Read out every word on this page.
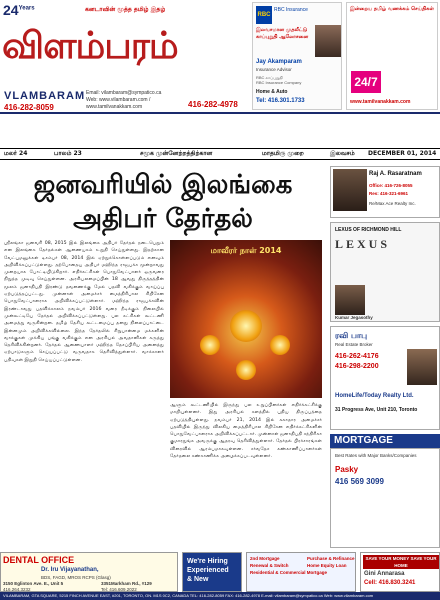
$24^{Years}$	கனடாவின் மூத்த தமிழ் இதழ்
விளம்பரம்
VLAMBARAM
416-282-8059
Email: vilambaram@sympatico.ca
Web: www.vilambaram.com / www.tamilvanakkam.com	416-282-4978
RBC
RBC Insurance
இலவசமான முதலீட்டு காப்புறுதி ஆலோசனை
Jay Akamparam
Insurance Advisor
RBC காப்புறுதி
RBC Insurance Company
Home & Auto
Tel: 416.301.1733
இன்றைய தமிழ் வணக்கம் செய்திகள்
24/7
www.tamilvanakkam.com
மலர் 24	பாலம் 23	சமூக முன்னேற்றத்திற்கான	மாதமிரு முறை	இலவசம் DECEMBER 01, 2014
ஜனவரியில் இலங்கை
அதிபர் தேர்தல்
ஸ்ரீலங்கா ஜனவரி 08, 2015 இல் இலங்கை அதிபர் தேர்தல் நடைபெறும் என இலங்கை தேர்தல்கள் ஆணையகம் உறுதி செய்துள்ளது. இதற்கான வேட்புமனுக்கள் டிசம்பர் 08, 2014 இல் ஏற்றுக்கொள்ளப்படும் எனவும் அறிவிக்கப்பட்டுள்ளது. தற்போதைய அதிபர் மஹிந்த ராஜபக்ச மூன்றாவது முறையாக போட்டியிடுகிறார். எதிர்கட்சிகள் பொதுவேட்பாளர் ஒருவரை நிறுத்த முடிவு செய்துள்ளன. அரசியலமைப்பின் 18 ஆவது திருத்தத்தின் மூலம் ஜனாதிபதி இரண்டு தவணைக்கு மேல் பதவி வகிக்கும் வாய்ப்பு ஏற்படுத்தப்பட்டது. முன்னாள் அமைச்சர் மைத்திரிபால சிறிசேன பொதுவேட்பாளராக அறிவிக்கப்பட்டுள்ளார். மஹிந்த ராஜபக்சவின் இரண்டாவது பதவிக்காலம் நவம்பர் 2016 வரை நீடிக்கும் நிலையில் முன்கூட்டியே தேர்தல் அறிவிக்கப்பட்டுள்ளது. பல கட்சிகள் கூட்டணி அமைத்து வருகின்றன. தமிழ் தேசிய கூட்டமைப்பு தனது நிலைப்பாட்டை இன்னமும் அறிவிக்கவில்லை. இந்த தேர்தலில் சிறுபான்மை மக்களின் வாக்குகள் முக்கிய பங்கு வகிக்கும் என அரசியல் அவதானிகள் கருத்து தெரிவிக்கின்றனர். தேர்தல் ஆணையாளர் மஹிந்த தேசப்பிரிய அனைத்து ஏற்பாடுகளும் செய்யப்பட்டு வருவதாக தெரிவித்துள்ளார். வாக்காளர் பதிவுகள் இறுதி செய்யப்பட்டுள்ளன.
மாவீரர் நாள் 2014
ஆளும் கூட்டணியில் இருந்து பல உறுப்பினர்கள் எதிர்க்கட்சிக்கு மாறியுள்ளனர். இது அரசியல் களத்தில் புதிய திருப்பத்தை ஏற்படுத்தியுள்ளது. நவம்பர் 21, 2014 இல் சுகாதார அமைச்சர் பதவியில் இருந்து விலகிய மைத்திரிபால சிறிசேன எதிர்க்கட்சிகளின் பொதுவேட்பாளராக அறிவிக்கப்பட்டார். முன்னாள் ஜனாதிபதி சந்திரிகா குமாரதுங்க அவருக்கு ஆதரவு தெரிவித்துள்ளார். தேர்தல் பிரச்சாரங்கள் விரைவில் ஆரம்பமாகவுள்ளன. சர்வதேச கண்காணிப்பாளர்கள் தேர்தலை கண்காணிக்க அழைக்கப்படவுள்ளனர்.
Raj A. Rasaratnam
Office: 416-726-8055
Res: 416-321-6961
Re/Max Ace Realty Inc.
LEXUS OF RICHMOND HILL
LEXUS
Kumar Jegasothy
ரவி பாபு
Real Estate Broker
416-262-4176
416-298-2200
HomeLife/Today Realty Ltd.
31 Progress Ave, Unit 210, Toronto
MORTGAGE
Best Rates with Major Banks/Companies
Pasky
416 569 3099
DENTAL OFFICE
Dr. Iru Vijayanathan,
BDS, FAGD, MROS RCPS (Glasg)
3150 Eglinton Ave. E., Unit 5
416.264.3232
3351Markham Rd., #129
Tel: 416.609.2022
We're Hiring
Experienced
& New
2nd Mortgage
Renewal & Switch
Residential & Commercial Mortgage
Purchase & Refinance
Home Equity Loan
SAVE YOUR MONEY SAVE YOUR HOME
Gini Annarasa
Cell: 416.830.3241
VILAMBARAM, GTA SQUARE, 5215 FINCH AVENUE EAST, #201, TORONTO, ON. M1S 0C2, CANADA TEL: 416-282-8059 FAX: 416-282-4978 E-mail: vilambaram@sympatico.ca Web: www.vilambaram.com
